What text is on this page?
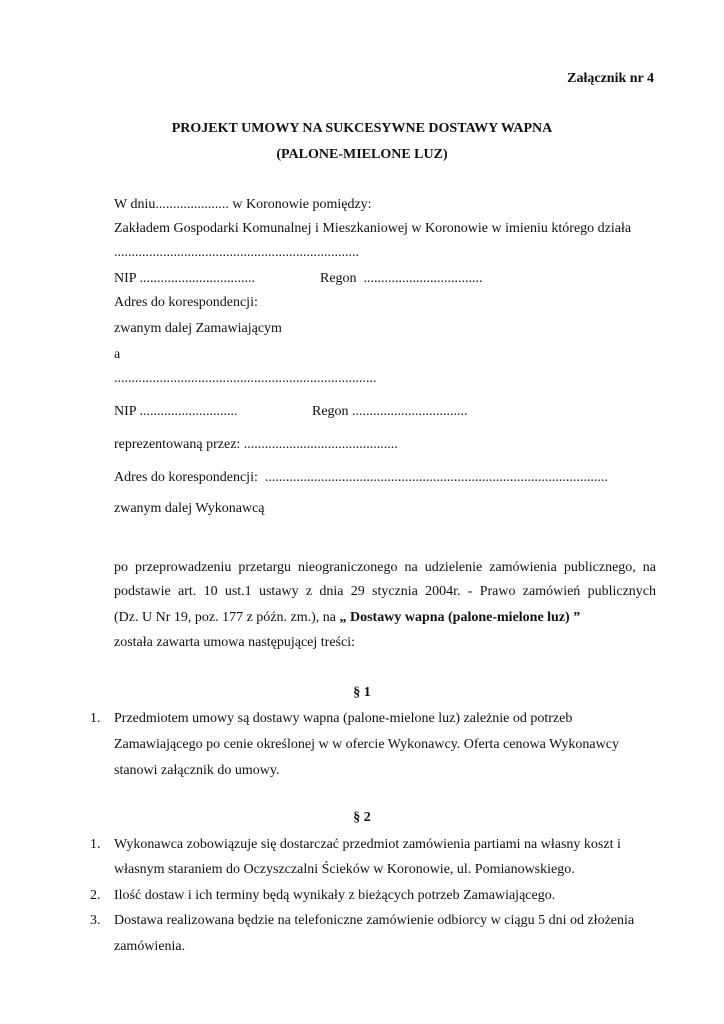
Załącznik nr 4
PROJEKT UMOWY NA SUKCESYWNE DOSTAWY WAPNA
(PALONE-MIELONE LUZ)
W dniu..................... w Koronowie pomiędzy:
Zakładem Gospodarki Komunalnej i Mieszkaniowej w Koronowie w imieniu którego działa
......................................................................
NIP .................................	Regon  ..................................
Adres do korespondencji:
zwanym dalej Zamawiającym
a
...........................................................................
NIP ............................	Regon .................................
reprezentowaną przez: ............................................
Adres do korespondencji:  ..................................................................................................
zwanym dalej Wykonawcą
po przeprowadzeniu przetargu nieograniczonego na udzielenie zamówienia publicznego, na
podstawie art. 10 ust.1 ustawy z dnia 29 stycznia 2004r. - Prawo zamówień publicznych
(Dz. U Nr 19, poz. 177 z późn. zm.), na „ Dostawy wapna (palone-mielone luz) ”
została zawarta umowa następującej treści:
§ 1
1. Przedmiotem umowy są dostawy wapna (palone-mielone luz) zależnie od potrzeb
Zamawiającego po cenie określonej w w ofercie Wykonawcy. Oferta cenowa Wykonawcy
stanowi załącznik do umowy.
§ 2
1. Wykonawca zobowiązuje się dostarczać przedmiot zamówienia partiami na własny koszt i
własnym staraniem do Oczyszczalni Ścieków w Koronowie, ul. Pomianowskiego.
2. Ilość dostaw i ich terminy będą wynikały z bieżących potrzeb Zamawiającego.
3. Dostawa realizowana będzie na telefoniczne zamówienie odbiorcy w ciągu 5 dni od złożenia
zamówienia.
